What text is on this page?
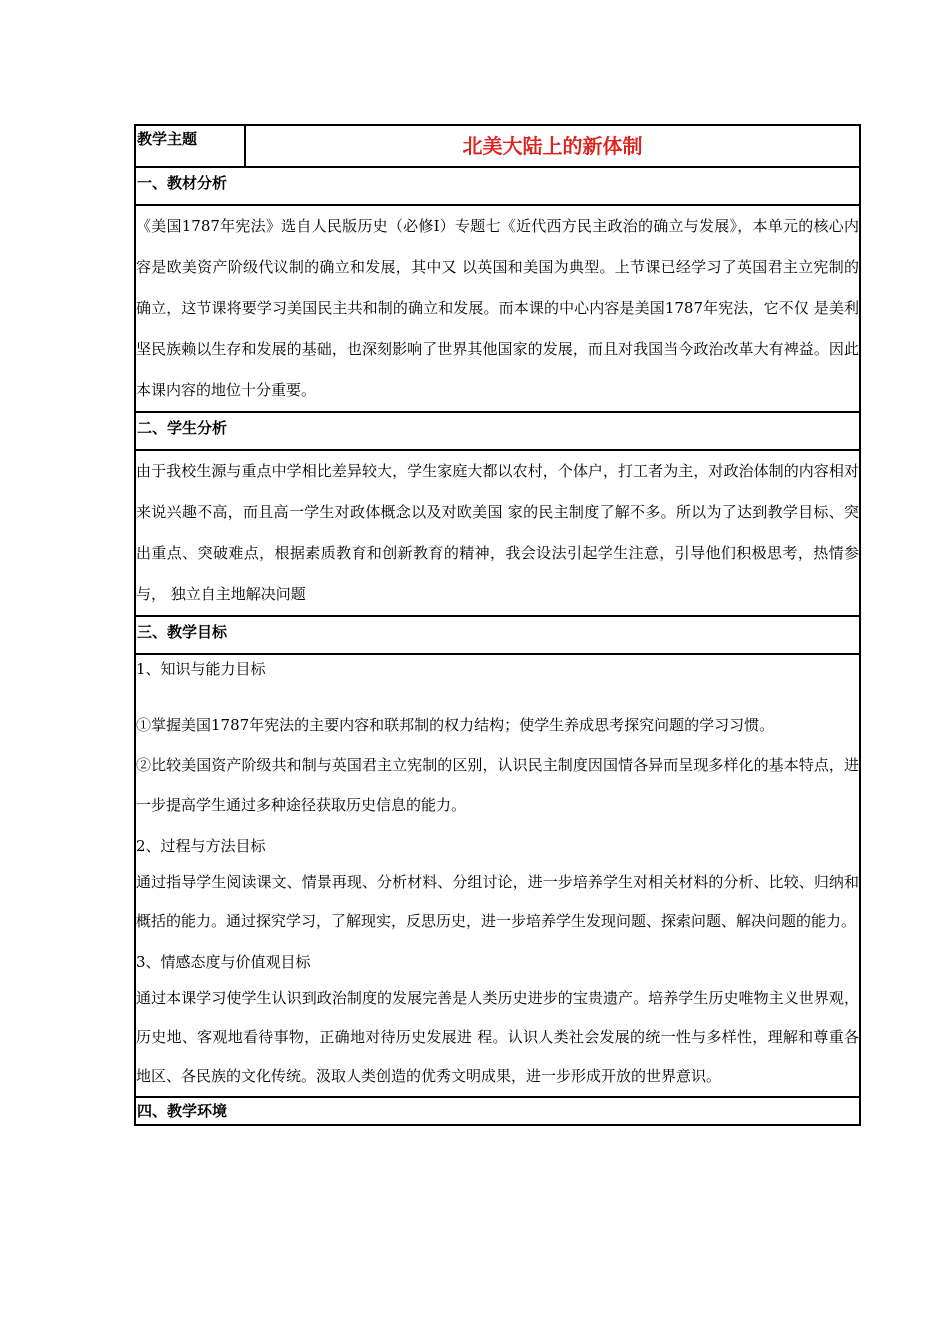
教学主题	北美大陆上的新体制

一、教材分析

《美国1787年宪法》选自人民版历史（必修Ⅰ）专题七《近代西方民主政治的确立与发展》，本单元的核心内容是欧美资产阶级代议制的确立和发展，其中又 以英国和美国为典型。上节课已经学习了英国君主立宪制的确立，这节课将要学习美国民主共和制的确立和发展。而本课的中心内容是美国1787年宪法，它不仅 是美利坚民族赖以生存和发展的基础，也深刻影响了世界其他国家的发展，而且对我国当今政治改革大有裨益。因此本课内容的地位十分重要。

二、学生分析

由于我校生源与重点中学相比差异较大，学生家庭大都以农村，个体户，打工者为主，对政治体制的内容相对来说兴趣不高，而且高一学生对政体概念以及对欧美国 家的民主制度了解不多。所以为了达到教学目标、突出重点、突破难点，根据素质教育和创新教育的精神，我会设法引起学生注意，引导他们积极思考，热情参与， 独立自主地解决问题

三、教学目标

1、知识与能力目标

①掌握美国1787年宪法的主要内容和联邦制的权力结构；使学生养成思考探究问题的学习习惯。

②比较美国资产阶级共和制与英国君主立宪制的区别，认识民主制度因国情各异而呈现多样化的基本特点，进一步提高学生通过多种途径获取历史信息的能力。

2、过程与方法目标

通过指导学生阅读课文、情景再现、分析材料、分组讨论，进一步培养学生对相关材料的分析、比较、归纳和概括的能力。通过探究学习，了解现实，反思历史，进一步培养学生发现问题、探索问题、解决问题的能力。

3、情感态度与价值观目标

通过本课学习使学生认识到政治制度的发展完善是人类历史进步的宝贵遗产。培养学生历史唯物主义世界观，历史地、客观地看待事物，正确地对待历史发展进 程。认识人类社会发展的统一性与多样性，理解和尊重各地区、各民族的文化传统。汲取人类创造的优秀文明成果，进一步形成开放的世界意识。

四、教学环境
